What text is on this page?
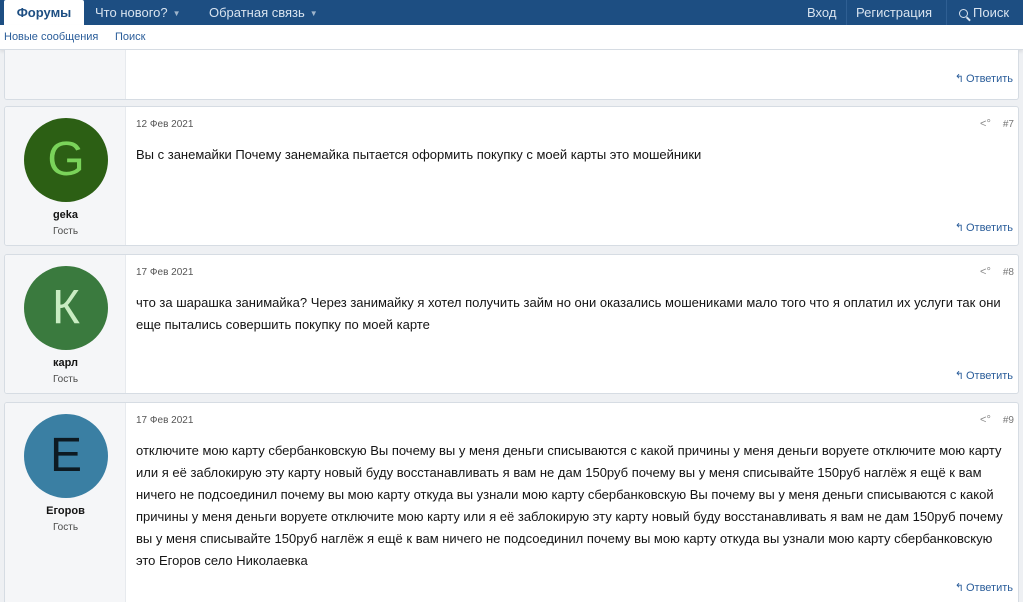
Форумы	Что нового? ▼ Обратная связь ▼	Вход Регистрация	Поиск
Новые сообщения Поиск
↰ Ответить
G
geka
Гость
12 Фев 2021	<° #7
Вы с занемайки Почему занемайка пытается оформить покупку с моей карты это мошейники
↰ Ответить
К
карл
Гость
17 Фев 2021	<° #8
что за шарашка занимайка? Через занимайку я хотел получить займ но они оказались мошениками мало того что я оплатил их услуги так они еще пытались совершить покупку по моей карте
↰ Ответить
Е
Егоров
Гость
17 Фев 2021	<° #9
отключите мою карту сбербанковскую Вы почему вы у меня деньги списываются с какой причины у меня деньги воруете отключите мою карту или я её заблокирую эту карту новый буду восстанавливать я вам не дам 150руб почему вы у меня списывайте 150руб наглёж я ещё к вам ничего не подсоединил почему вы мою карту откуда вы узнали мою карту сбербанковскую Вы почему вы у меня деньги списываются с какой причины у меня деньги воруете отключите мою карту или я её заблокирую эту карту новый буду восстанавливать я вам не дам 150руб почему вы у меня списывайте 150руб наглёж я ещё к вам ничего не подсоединил почему вы мою карту откуда вы узнали мою карту сбербанковскую это Егоров село Николаевка
↰ Ответить
